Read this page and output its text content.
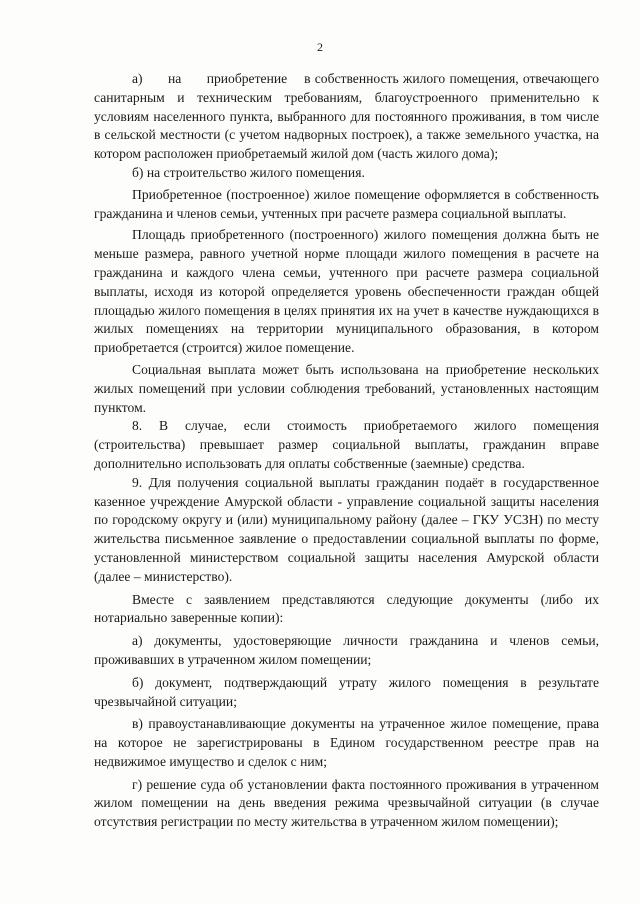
2

а)      на      приобретение    в собственность жилого помещения, отвечающего санитарным и техническим требованиям, благоустроенного применительно к условиям населенного пункта, выбранного для постоянного проживания, в том числе в сельской местности (с учетом надворных построек), а также земельного участка, на котором расположен приобретаемый жилой дом (часть жилого дома);

б) на строительство жилого помещения.

Приобретенное (построенное) жилое помещение оформляется в собственность гражданина и членов семьи, учтенных при расчете размера социальной выплаты.

Площадь приобретенного (построенного) жилого помещения должна быть не меньше размера, равного учетной норме площади жилого помещения в расчете на гражданина и каждого члена семьи, учтенного при расчете размера социальной выплаты, исходя из которой определяется уровень обеспеченности граждан общей площадью жилого помещения в целях принятия их на учет в качестве нуждающихся в жилых помещениях на территории муниципального образования, в котором приобретается (строится) жилое помещение.

Социальная выплата может быть использована на приобретение нескольких жилых помещений при условии соблюдения требований, установленных настоящим пунктом.

8. В случае, если стоимость приобретаемого жилого помещения (строительства) превышает размер социальной выплаты, гражданин вправе дополнительно использовать для оплаты собственные (заемные) средства.

9. Для получения социальной выплаты гражданин подаёт в государственное казенное учреждение Амурской области - управление социальной защиты населения по городскому округу и (или) муниципальному району (далее – ГКУ УСЗН) по месту жительства письменное заявление о предоставлении социальной выплаты по форме, установленной министерством социальной защиты населения Амурской области (далее – министерство).

Вместе с заявлением представляются следующие документы (либо их нотариально заверенные копии):

а) документы, удостоверяющие личности гражданина и членов семьи, проживавших в утраченном жилом помещении;

б) документ, подтверждающий утрату жилого помещения в результате чрезвычайной ситуации;

в) правоустанавливающие документы на утраченное жилое помещение, права на которое не зарегистрированы в Едином государственном реестре прав на недвижимое имущество и сделок с ним;

г) решение суда об установлении факта постоянного проживания в утраченном жилом помещении на день введения режима чрезвычайной ситуации (в случае отсутствия регистрации по месту жительства в утраченном жилом помещении);
